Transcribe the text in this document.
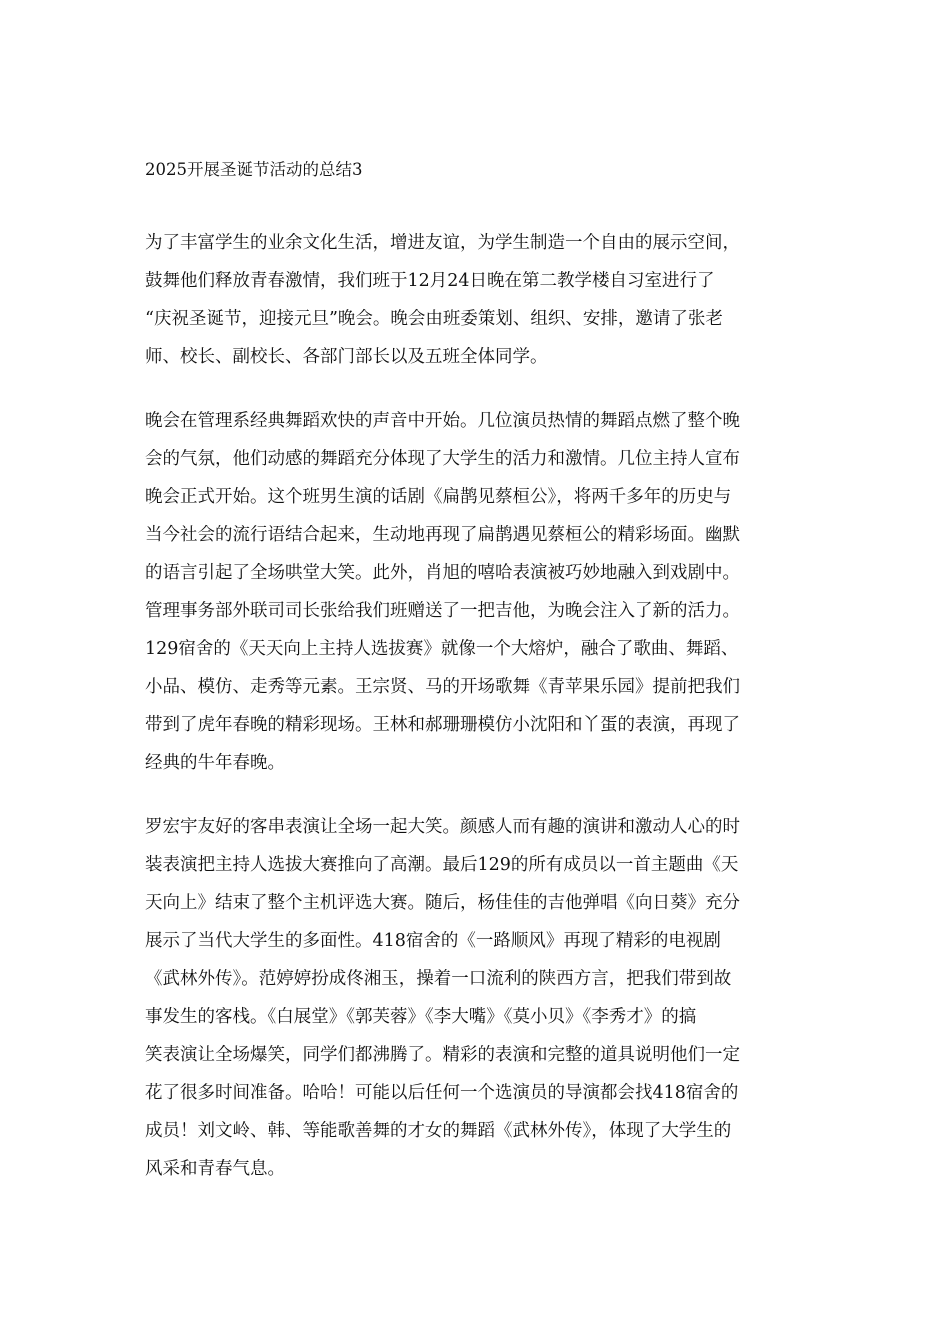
2025开展圣诞节活动的总结3
为了丰富学生的业余文化生活，增进友谊，为学生制造一个自由的展示空间，
鼓舞他们释放青春激情，我们班于12月24日晚在第二教学楼自习室进行了
“庆祝圣诞节，迎接元旦”晚会。晚会由班委策划、组织、安排，邀请了张老
师、校长、副校长、各部门部长以及五班全体同学。
晚会在管理系经典舞蹈欢快的声音中开始。几位演员热情的舞蹈点燃了整个晚
会的气氛，他们动感的舞蹈充分体现了大学生的活力和激情。几位主持人宣布
晚会正式开始。这个班男生演的话剧《扁鹊见蔡桓公》，将两千多年的历史与
当今社会的流行语结合起来，生动地再现了扁鹊遇见蔡桓公的精彩场面。幽默
的语言引起了全场哄堂大笑。此外，肖旭的嘻哈表演被巧妙地融入到戏剧中。
管理事务部外联司司长张给我们班赠送了一把吉他，为晚会注入了新的活力。
129宿舍的《天天向上主持人选拔赛》就像一个大熔炉，融合了歌曲、舞蹈、
小品、模仿、走秀等元素。王宗贤、马的开场歌舞《青苹果乐园》提前把我们
带到了虎年春晚的精彩现场。王林和郝珊珊模仿小沈阳和丫蛋的表演，再现了
经典的牛年春晚。
罗宏宇友好的客串表演让全场一起大笑。颜感人而有趣的演讲和激动人心的时
装表演把主持人选拔大赛推向了高潮。最后129的所有成员以一首主题曲《天
天向上》结束了整个主机评选大赛。随后，杨佳佳的吉他弹唱《向日葵》充分
展示了当代大学生的多面性。418宿舍的《一路顺风》再现了精彩的电视剧
《武林外传》。范婷婷扮成佟湘玉，操着一口流利的陕西方言，把我们带到故
事发生的客栈。《白展堂》《郭芙蓉》《李大嘴》《莫小贝》《李秀才》的搞
笑表演让全场爆笑，同学们都沸腾了。精彩的表演和完整的道具说明他们一定
花了很多时间准备。哈哈！可能以后任何一个选演员的导演都会找418宿舍的
成员！刘文岭、韩、等能歌善舞的才女的舞蹈《武林外传》，体现了大学生的
风采和青春气息。
